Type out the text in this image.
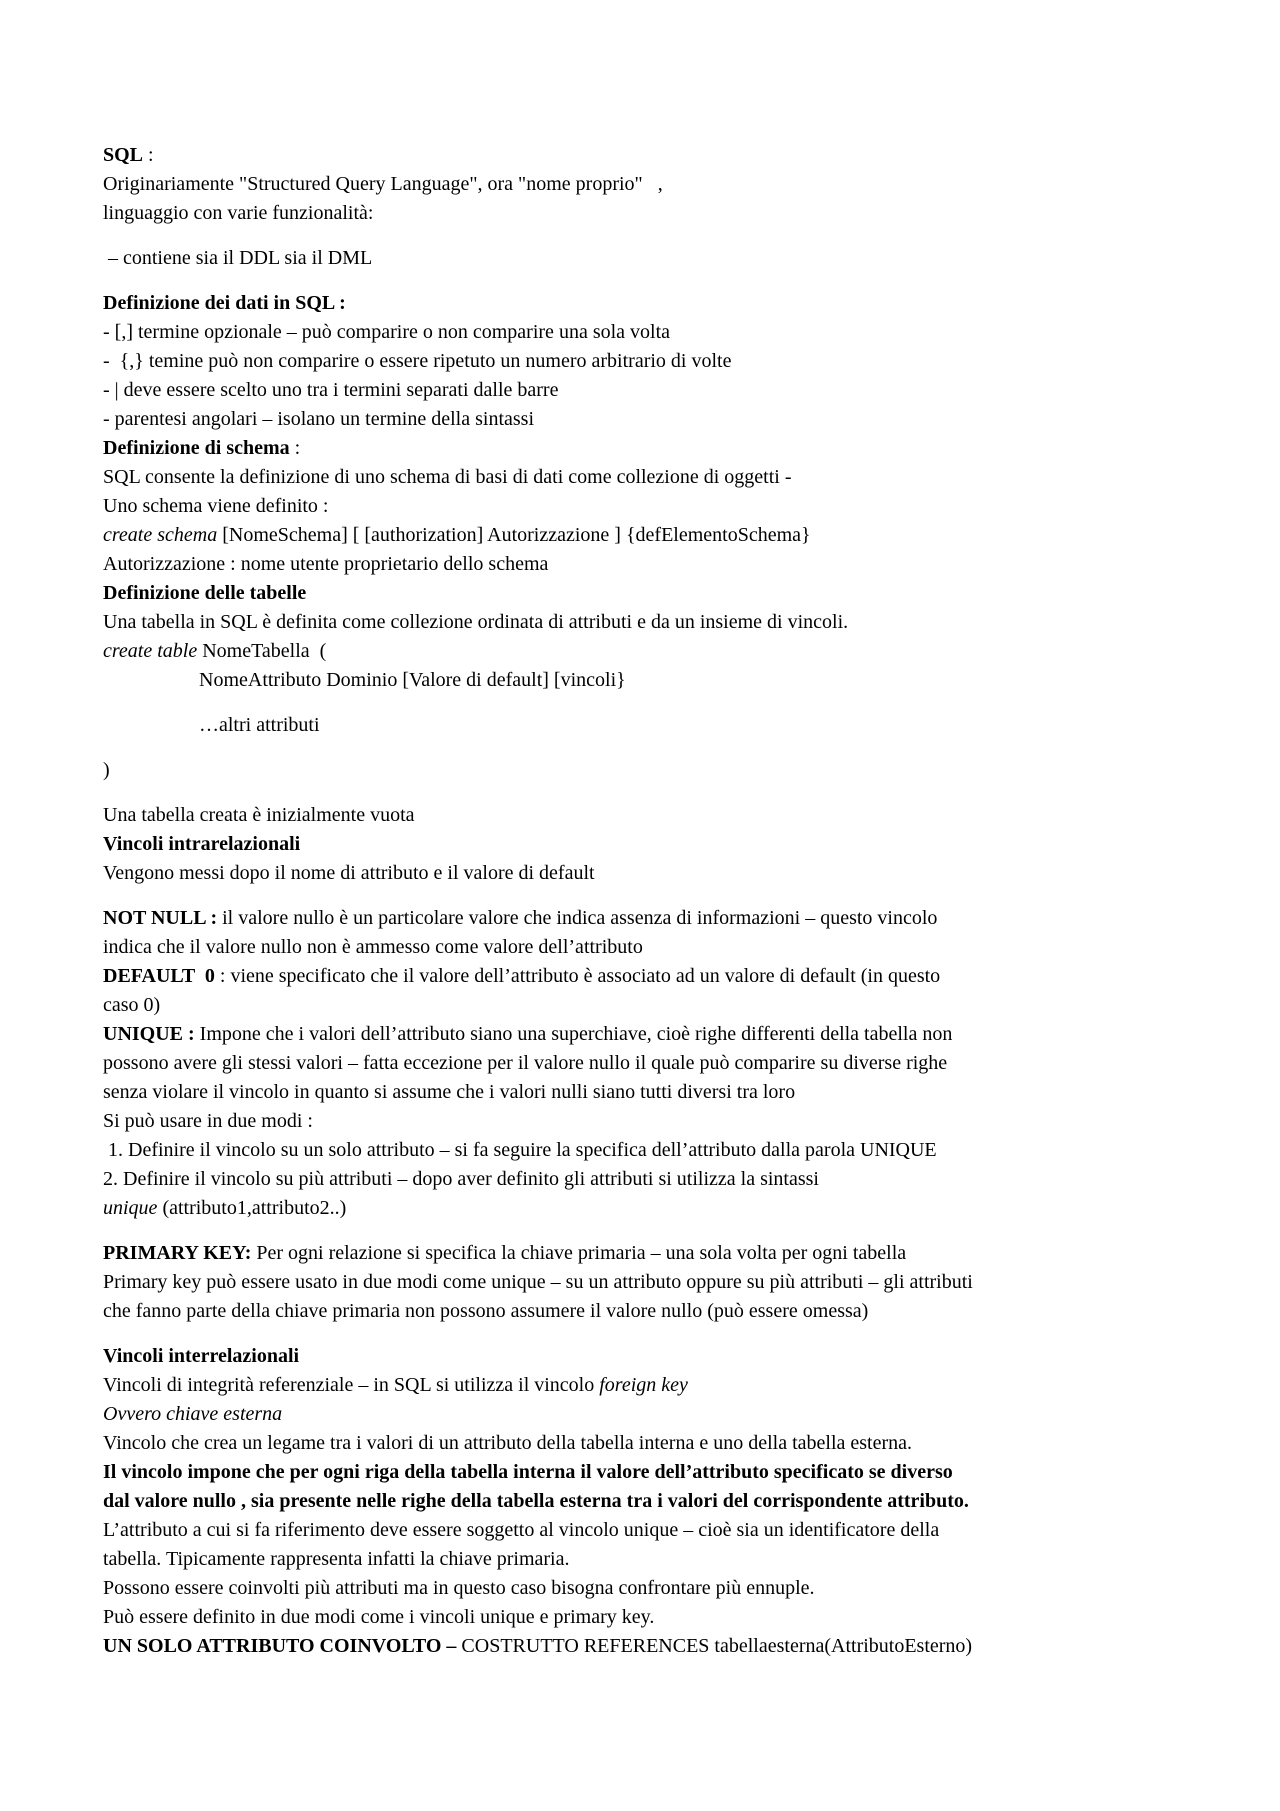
SQL :
Originariamente "Structured Query Language", ora "nome proprio"   ,
linguaggio con varie funzionalità:
– contiene sia il DDL sia il DML
Definizione dei dati in SQL :
- [,] termine opzionale – può comparire o non comparire una sola volta
-  {,} temine può non comparire o essere ripetuto un numero arbitrario di volte
- | deve essere scelto uno tra i termini separati dalle barre
- parentesi angolari – isolano un termine della sintassi
Definizione di schema :
SQL consente la definizione di uno schema di basi di dati come collezione di oggetti -
Uno schema viene definito :
create schema [NomeSchema] [ [authorization] Autorizzazione ] {defElementoSchema}
Autorizzazione : nome utente proprietario dello schema
Definizione delle tabelle
Una tabella in SQL è definita come collezione ordinata di attributi e da un insieme di vincoli.
create table NomeTabella  (
NomeAttributo Dominio [Valore di default] [vincoli}
…altri attributi
)
Una tabella creata è inizialmente vuota
Vincoli intrarelazionali
Vengono messi dopo il nome di attributo e il valore di default
NOT NULL : il valore nullo è un particolare valore che indica assenza di informazioni – questo vincolo
indica che il valore nullo non è ammesso come valore dell’attributo
DEFAULT  0 : viene specificato che il valore dell’attributo è associato ad un valore di default (in questo
caso 0)
UNIQUE : Impone che i valori dell’attributo siano una superchiave, cioè righe differenti della tabella non
possono avere gli stessi valori – fatta eccezione per il valore nullo il quale può comparire su diverse righe
senza violare il vincolo in quanto si assume che i valori nulli siano tutti diversi tra loro
Si può usare in due modi :
1. Definire il vincolo su un solo attributo – si fa seguire la specifica dell’attributo dalla parola UNIQUE
2. Definire il vincolo su più attributi – dopo aver definito gli attributi si utilizza la sintassi
unique (attributo1,attributo2..)
PRIMARY KEY: Per ogni relazione si specifica la chiave primaria – una sola volta per ogni tabella
Primary key può essere usato in due modi come unique – su un attributo oppure su più attributi – gli attributi
che fanno parte della chiave primaria non possono assumere il valore nullo (può essere omessa)
Vincoli interrelazionali
Vincoli di integrità referenziale – in SQL si utilizza il vincolo foreign key
Ovvero chiave esterna
Vincolo che crea un legame tra i valori di un attributo della tabella interna e uno della tabella esterna.
Il vincolo impone che per ogni riga della tabella interna il valore dell’attributo specificato se diverso
dal valore nullo , sia presente nelle righe della tabella esterna tra i valori del corrispondente attributo.
L’attributo a cui si fa riferimento deve essere soggetto al vincolo unique – cioè sia un identificatore della
tabella. Tipicamente rappresenta infatti la chiave primaria.
Possono essere coinvolti più attributi ma in questo caso bisogna confrontare più ennuple.
Può essere definito in due modi come i vincoli unique e primary key.
UN SOLO ATTRIBUTO COINVOLTO – COSTRUTTO REFERENCES tabellaesterna(AttributoEsterno)
